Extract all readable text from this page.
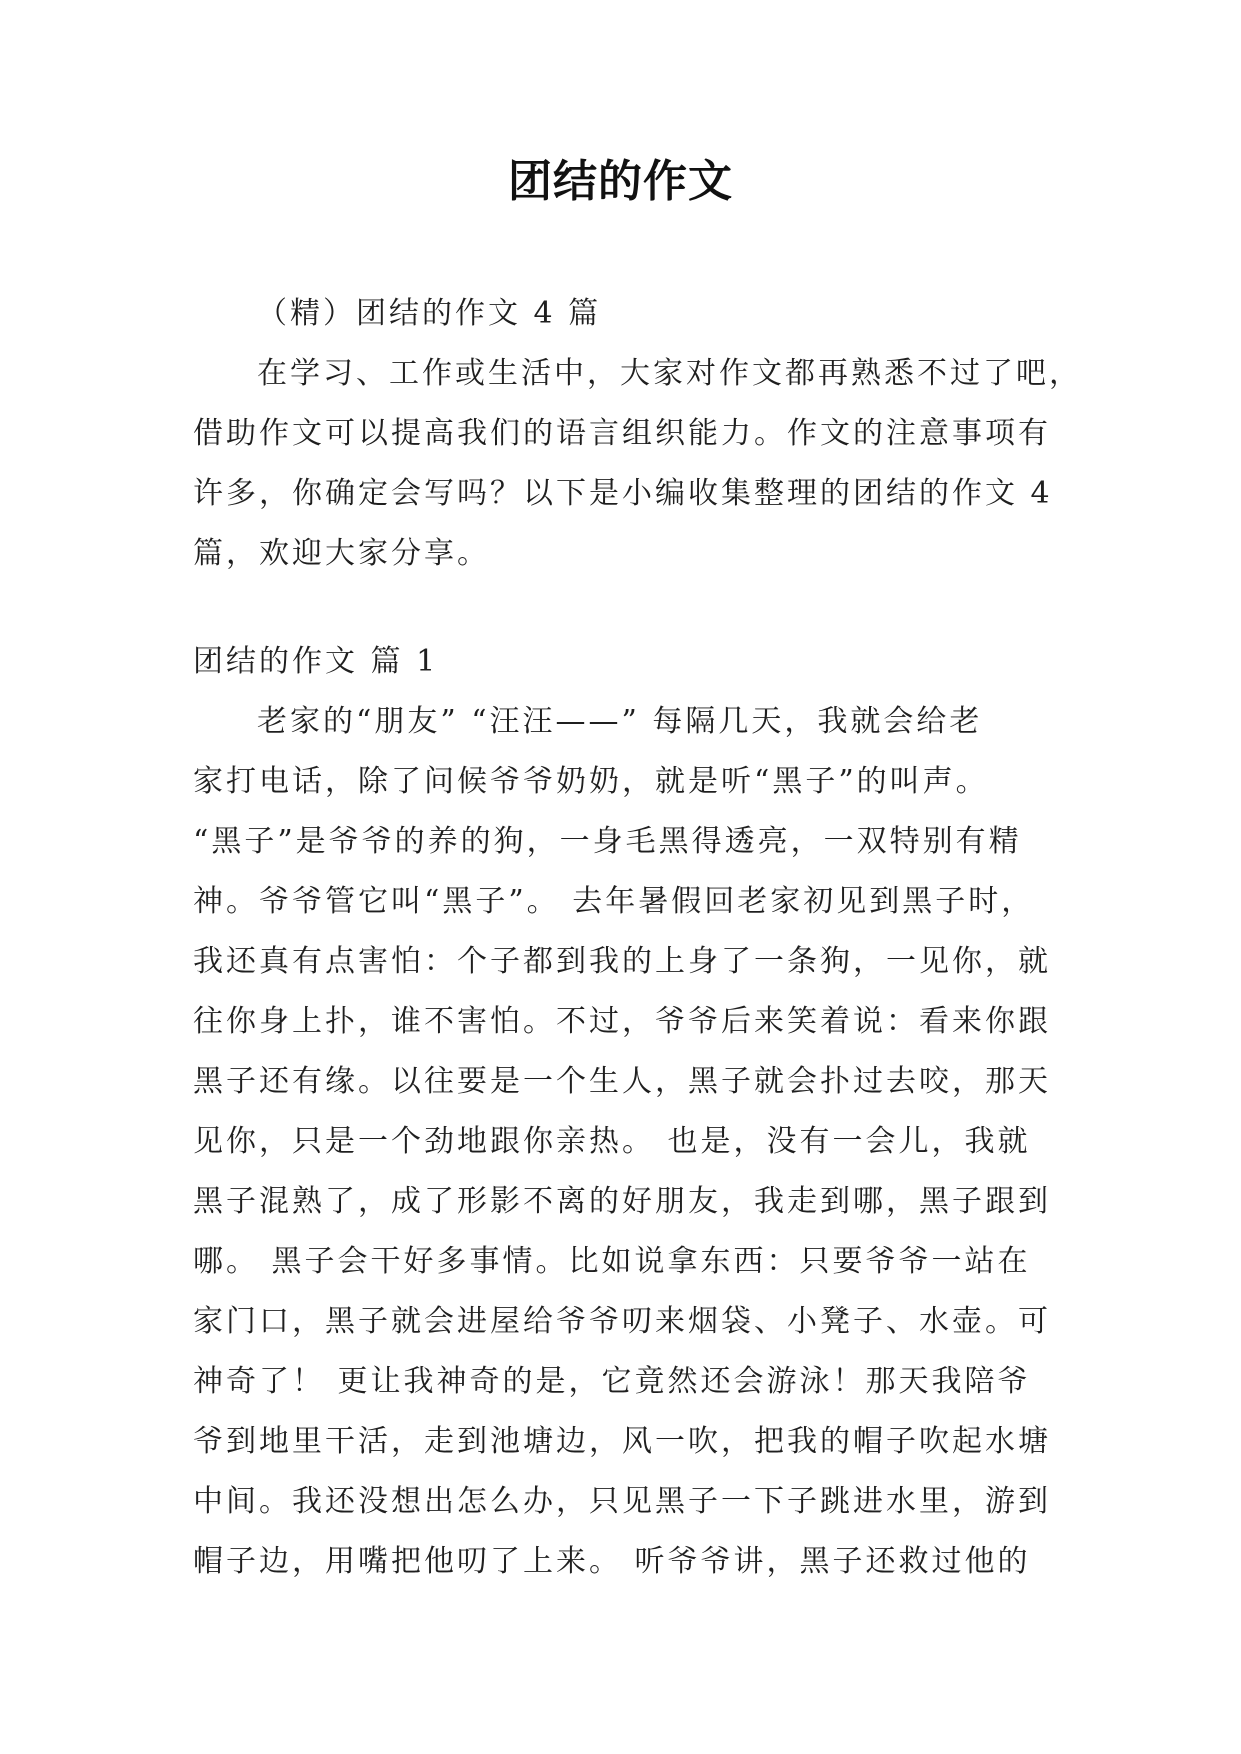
团结的作文
（精）团结的作文 4 篇
在学习、工作或生活中，大家对作文都再熟悉不过了吧，
借助作文可以提高我们的语言组织能力。作文的注意事项有
许多，你确定会写吗？以下是小编收集整理的团结的作文 4
篇，欢迎大家分享。
团结的作文 篇 1
老家的“朋友” “汪汪——” 每隔几天，我就会给老
家打电话，除了问候爷爷奶奶，就是听“黑子”的叫声。
“黑子”是爷爷的养的狗，一身毛黑得透亮，一双特别有精
神。爷爷管它叫“黑子”。 去年暑假回老家初见到黑子时，
我还真有点害怕：个子都到我的上身了一条狗，一见你，就
往你身上扑，谁不害怕。不过，爷爷后来笑着说：看来你跟
黑子还有缘。以往要是一个生人，黑子就会扑过去咬，那天
见你，只是一个劲地跟你亲热。 也是，没有一会儿，我就
黑子混熟了，成了形影不离的好朋友，我走到哪，黑子跟到
哪。 黑子会干好多事情。比如说拿东西：只要爷爷一站在
家门口，黑子就会进屋给爷爷叨来烟袋、小凳子、水壶。可
神奇了！ 更让我神奇的是，它竟然还会游泳！那天我陪爷
爷到地里干活，走到池塘边，风一吹，把我的帽子吹起水塘
中间。我还没想出怎么办，只见黑子一下子跳进水里，游到
帽子边，用嘴把他叨了上来。 听爷爷讲，黑子还救过他的
